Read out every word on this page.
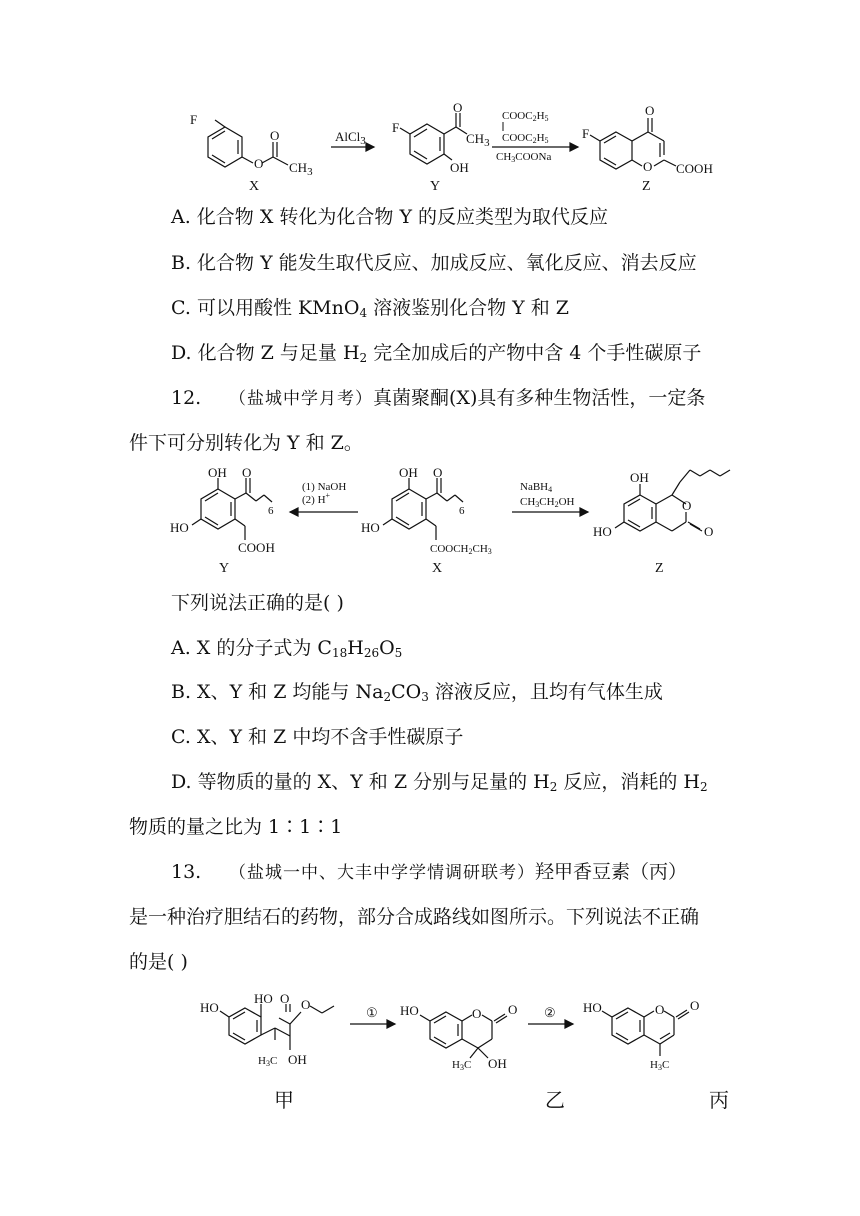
F
O
O
$CH_3$
X
AlCl$_3$
F
O
$CH_3$
OH
Y
COOC2H5
COOC2H5
CH3COONa
F
O
O COOH
Z
A. 化合物 X 转化为化合物 Y 的反应类型为取代反应
B. 化合物 Y 能发生取代反应、加成反应、氧化反应、消去反应
C. 可以用酸性 KMnO$_4$ 溶液鉴别化合物 Y 和 Z
D. 化合物 Z 与足量 $H_2$ 完全加成后的产物中含 4 个手性碳原子
12. （盐城中学月考）真菌聚酮(X)具有多种生物活性，一定条
件下可分别转化为 Y 和 Z。
OH O
6
HO
COOH
Y
(1) NaOH
(2) H+
OH O
6
HO
COOCH2CH3
X
NaBH4
CH3CH2OH
OH
O
O
HO
Z
下列说法正确的是( )
A. X 的分子式为 $C_{18}H_{26}O_5$
B. X、Y 和 Z 均能与 $Na_2CO_3$ 溶液反应，且均有气体生成
C. X、Y 和 Z 中均不含手性碳原子
D. 等物质的量的 X、Y 和 Z 分别与足量的 $H_2$ 反应，消耗的 $H_2$
物质的量之比为 1∶1∶1
13. （盐城一中、大丰中学学情调研联考）羟甲香豆素（丙）
是一种治疗胆结石的药物，部分合成路线如图所示。下列说法不正确
的是( )
HO
HO O O
H3C OH
① HO	O O
H3C OH
② HO	O O
H3C
甲	乙	丙
